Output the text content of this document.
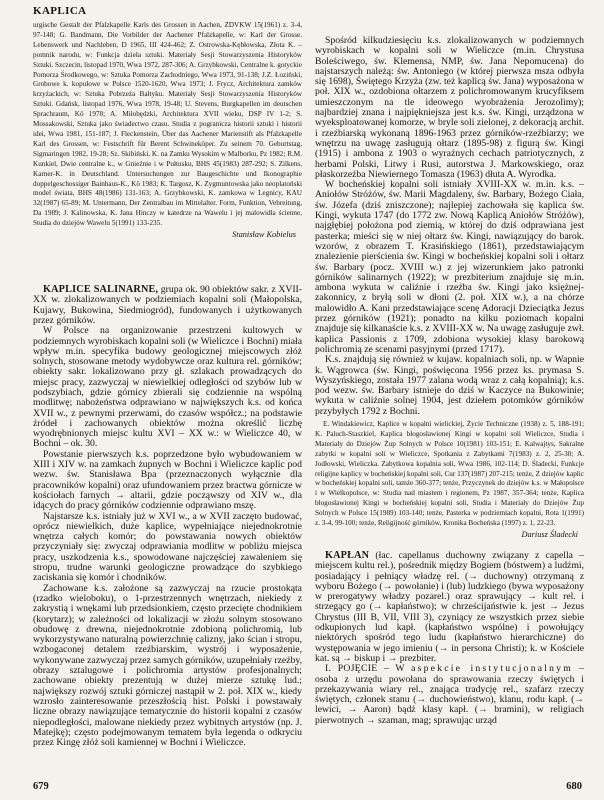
KAPLICA
urgische Gestalt der Pfalzkapelle Karls des Grossen in Aachen, ZDVKW 15(1961) z. 3-4, 97-148; G. Bandmann, Die Vorbilder der Aachener Pfalzkapelle, w: Karl der Grosse. Lebenswerk und Nachleben, D 1965, III 424-462; Z. Ostrowska-Kębłowska, Złota K. – pomnik narodu, w: Funkcja dzieła sztuki. Materiały Sesji Stowarzyszenia Historyków Sztuki. Szczecin, listopad 1970, Wwa 1972, 287-306; A. Grzybkowski, Centralne k. gotyckie Pomorza Środkowego, w: Sztuka Pomorza Zachodniego, Wwa 1973, 91-138; J.Z. Łoziński, Grobowe k. kopułowe w Polsce 1520-1620, Wwa 1973; J. Frycz, Architektura zamków krzyżackich, w: Sztuka Pobrzeża Bałtyku. Materiały Sesji Stowarzyszenia Historyków Sztuki. Gdańsk, listopad 1976, Wwa 1978, 19-48; U. Stevens, Burgkapellen im deutschen Sprachraum, Kö 1978; A. Miłobędzki, Architektura XVII wieku, DSP IV 1-2; S. Mossakowski, Sztuka jako świadectwo czasu. Studia z pogranicza historii sztuki i historii idei, Wwa 1981, 151-187; J. Fleckenstein, Über das Aachener Marienstift als Pfalzkapelle Karl des Grossen, w: Festschrift für Berent Schwineköper. Zu seinem 70. Geburtstag, Sigmaringen 1982, 19-28; Sz. Skibiński, K. na Zamku Wysokim w Malborku, Pz 1982; R.M. Kunkiel, Dwie centralne k., w Gnieźnie i w Pułtusku, BHS 45(1983) 287-292; S. Zilkens, Karner-K. in Deutschland. Untersuchungen zur Baugeschichte und Ikonographie doppelgeschossiger Bainhaus-K., Kö 1983; K. Targosz, K. Zygmuntowska jako neoplatoński model świata, BHS 48(1986) 131-163; A. Grzybkowski, K. zamkowa w Legnicy, KAU 32(1987) 65-89; M. Untermann, Der Zentralbau im Mittelalter. Form, Funktion, Vebreitung, Da 1989; J. Kalinowska, K. Jana Hinczy w katedrze na Wawelu i jej malowidła ścienne, Studia do dziejów Wawelu 5(1991) 133-235.
Stanisław Kobielus

KAPLICE SALINARNE, grupa ok. 90 obiektów sakr. z XVII-XX w. zlokalizowanych w podziemiach kopalni soli (Małopolska, Kujawy, Bukowina, Siedmiogród), fundowanych i użytkowanych przez górników.

W Polsce na organizowanie przestrzeni kultowych w podziemnych wyrobiskach kopalni soli (w Wieliczce i Bochni) miała wpływ m.in. specyfika budowy geologicznej miejscowych złóż solnych, stosowane metody wydobywcze oraz kultura rel. górników; obiekty sakr. lokalizowano przy gł. szlakach prowadzących do miejsc pracy, zazwyczaj w niewielkiej odległości od szybów lub w podszybiach, gdzie górnicy zbierali się codziennie na wspólną modlitwę; nabożeństwa odprawiano w największych k.s. od końca XVII w., z pewnymi przerwami, do czasów współcz.; na podstawie źródeł i zachowanych obiektów można określić liczbę wyodrębnionych miejsc kultu XVI – XX w.: w Wieliczce 40, w Bochni – ok. 30.

Powstanie pierwszych k.s. poprzedzone było wybudowaniem w XIII i XIV w. na zamkach żupnych w Bochni i Wieliczce kaplic pod wezw. św. Stanisława Bpa (przeznaczonych wyłącznie dla pracowników kopalni) oraz ufundowaniem przez bractwa górnicze w kościołach farnych → altarii, gdzie począwszy od XIV w., dla idących do pracy górników codziennie odprawiano mszę.

Najstarsze k.s. istniały już w XVI w., a w XVII zaczęto budować, oprócz niewielkich, duże kaplice, wypełniające niejednokrotnie wnętrza całych komór; do powstawania nowych obiektów przyczyniały się: zwyczaj odprawiania modlitw w pobliżu miejsca pracy, uszkodzenia k.s., spowodowane najczęściej zawaleniem się stropu, trudne warunki geologiczne prowadzące do szybkiego zaciskania się komór i chodników.

Zachowane k.s. założone są zazwyczaj na rzucie prostokąta (rzadko wieloboku), o 1-przestrzennych wnętrzach, niekiedy z zakrystią i wnękami lub przedsionkiem, często przecięte chodnikiem (korytarz); w zależności od lokalizacji w złożu solnym stosowano obudowę z drewna, niejednokrotnie zdobioną polichromią, lub wykorzystywano naturalną powierzchnię calizny, jako ścian i stropu, wzbogaconej detalem rzeźbiarskim, wystrój i wyposażenie, wykonywane zazwyczaj przez samych górników, uzupełniały rzeźby, obrazy sztalugowe i polichromia artystów profesjonalnych; zachowane obiekty prezentują w dużej mierze sztukę lud.; największy rozwój sztuki górniczej nastąpił w 2. poł. XIX w., kiedy wzrosło zainteresowanie przeszłością hist. Polski i powstawały liczne obrazy nawiązujące tematycznie do historii kopalni z czasów niepodległości, malowane niekiedy przez wybitnych artystów (np. J. Matejkę); często podejmowanym tematem była legenda o odkryciu przez Kingę złóż soli kamiennej w Bochni i Wieliczce.

Spośród kilkudziesięciu k.s. zlokalizowanych w podziemnych wyrobiskach w kopalni soli w Wieliczce (m.in. Chrystusa Boleściwego, św. Klemensa, NMP, św. Jana Nepomucena) do najstarszych należą: św. Antoniego (w której pierwsza msza odbyła się 1698), Świętego Krzyża (zw. też kaplicą św. Jana) wyposażona w poł. XIX w., ozdobiona ołtarzem z polichromowanym krucyfiksem umieszczonym na tle ideowego wyobrażenia Jerozolimy); najbardziej znana i najpiękniejsza jest k.s. św. Kingi, urządzona w wyeksploatowanej komorze, w bryle soli zielonej, z dekoracją archit. i rzeźbiarską wykonaną 1896-1963 przez górników-rzeźbiarzy; we wnętrzu na uwagę zasługują ołtarz (1895-98) z figurą św. Kingi (1915) i ambona z 1903 o wyraźnych cechach patriotycznych, z herbami Polski, Litwy i Rusi, autorstwa J. Markowskiego, oraz płaskorzeźba Niewiernego Tomasza (1963) dłuta A. Wyrodka.

W bocheńskiej kopalni soli istniały XVIII-XX w. m.in. k.s. – Aniołów Stróżów, św. Marii Magdaleny, św. Barbary, Bożego Ciała, św. Józefa (dziś zniszczone); najlepiej zachowała się kaplica św. Kingi, wykuta 1747 (do 1772 zw. Nową Kaplicą Aniołów Stróżów), najgłębiej położona pod ziemią, w której do dziś odprawiana jest pasterka; mieści się w niej ołtarz św. Kingi, nawiązujący do barok. wzorów, z obrazem T. Krasińskiego (1861), przedstawiającym znalezienie pierścienia św. Kingi w bocheńskiej kopalni soli i ołtarz św. Barbary (pocz. XVIII w.) z jej wizerunkiem jako patronki górników salinarnych (1922); w prezbiterium znajduje się m.in. ambona wykuta w caliźnie i rzeźba św. Kingi jako księżnej-zakonnicy, z bryłą soli w dłoni (2. poł. XIX w.), a na chórze malowidło A. Kani przedstawiające scenę Adoracji Dzieciątka Jezus przez górników (1921); ponadto na kilku poziomach kopalni znajduje się kilkanaście k.s. z XVIII-XX w. Na uwagę zasługuje zwł. kaplica Passionis z 1709, zdobiona wysokiej klasy barokową polichromią ze scenami pasyjnymi (przed 1717).

K.s. znajdują się również w kujaw. kopalniach soli, np. w Wapnie k. Wągrowca (św. Kingi, poświęcona 1956 przez ks. prymasa S. Wyszyńskiego, została 1977 zalana wodą wraz z całą kopalnią); k.s. pod wezw. św. Barbary istnieje do dziś w Kaczyce na Bukowinie; wykuta w caliźnie solnej 1904, jest dziełem potomków górników przybyłych 1792 z Bochni.

E. Windakiewicz, Kaplice w kopalni wielickiej, Życie Techniczne (1938) z. 5, 188-191; K. Paluch-Staszkiel, Kaplica błogosławionej Kingi w kopalni soli Wieliczce, Studia i Materiały do Dziejów Żup Solnych w Polsce 10(1981) 103-151; E. Kalwajtys, Sakralne zabytki w kopalni soli w Wieliczce, Spotkania z Zabytkami 7(1983) z. 2, 25-30; A. Jodłowski, Wieliczka. Zabytkowa kopalnia soli, Wwa 1986, 102-114; D. Śladecki, Funkcje religijne kaplicy w bocheńskiej kopalni soli, Cur 137(1987) 207-215; tenże, Z dziejów kaplic w bocheńskiej kopalni soli, tamże 360-377; tenże, Przyczynek do dziejów k.s. w Małopolsce i w Wielkopolsce, w: Studia nad miastem i regionem, Pz 1987, 357-364; tenże, Kaplica błogosławionej Kingi w bocheńskiej kopalni soli, Studia i Materiały do Dziejów Żup Solnych w Polsce 15(1989) 103-140; tenże, Pasterka w podziemiach kopalni, Rota 1(1991) z. 3-4, 99-100; tenże, Religijność górników, Kronika Bocheńska (1997) z. 1, 22-23.
Dariusz Śladecki

KAPŁAN (łac. capellanus duchowny związany z capella – miejscem kultu rel.), pośrednik między Bogiem (bóstwem) a ludźmi, posiadający i pełniący władzę rel. (→ duchowny) otrzymaną z wyboru Bożego (→ powołanie) i (lub) ludzkiego (bywa wyposażony w prerogatywy władzy pozarel.) oraz sprawujący → kult rel. i strzegący go (→ kapłaństwo); w chrześcijaństwie k. jest → Jezus Chrystus (III B, VII, VIII 3), czyniący ze wszystkich przez siebie odkupionych lud kapł. (kapłaństwo wspólne) i powołujący niektórych spośród tego ludu (kapłaństwo hierarchiczne) do występowania w jego imieniu (→ in persona Christi); k. w Kościele kat. są → biskup i → prezbiter.

I. POJĘCIE – W aspekcie instytucjonalnym – osoba z urzędu powołana do sprawowania rzeczy świętych i przekazywania wiary rel., znająca tradycję rel., szafarz rzeczy świętych, członek stanu (→ duchowieństwo), klanu, rodu kapł. (→ lewici, → Aaron) bądź klasy kapł. (→ bramini), w religiach pierwotnych → szaman, mag; sprawując urząd

679	680
